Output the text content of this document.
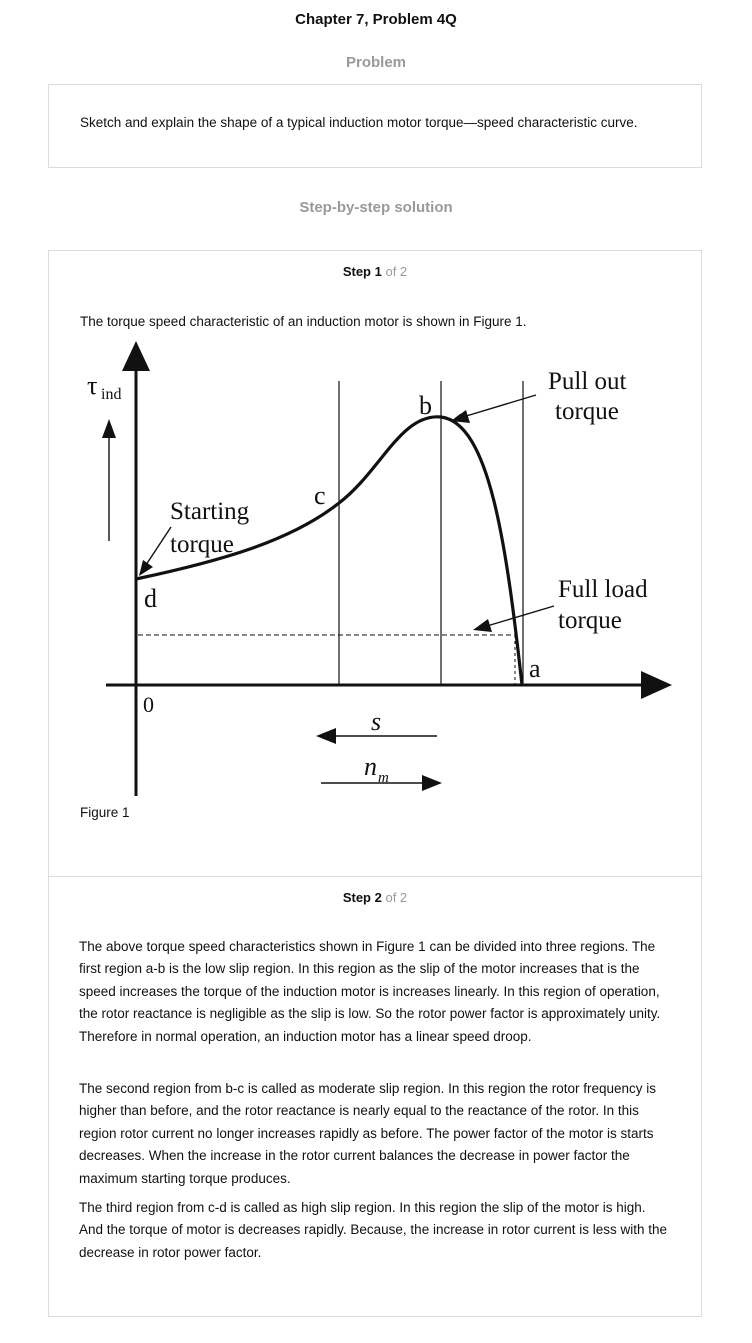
Chapter 7, Problem 4Q
Problem
Sketch and explain the shape of a typical induction motor torque—speed characteristic curve.
Step-by-step solution
Step 1 of 2

The torque speed characteristic of an induction motor is shown in Figure 1.

τ ind	b
c
d
a
0
Pull out
torque
Starting
torque
Full load
torque
s
n m

Figure 1

Step 2 of 2

The above torque speed characteristics shown in Figure 1 can be divided into three regions. The first region a-b is the low slip region. In this region as the slip of the motor increases that is the speed increases the torque of the induction motor is increases linearly. In this region of operation, the rotor reactance is negligible as the slip is low. So the rotor power factor is approximately unity. Therefore in normal operation, an induction motor has a linear speed droop.

The second region from b-c is called as moderate slip region. In this region the rotor frequency is higher than before, and the rotor reactance is nearly equal to the reactance of the rotor. In this region rotor current no longer increases rapidly as before. The power factor of the motor is starts decreases. When the increase in the rotor current balances the decrease in power factor the maximum starting torque produces.

The third region from c-d is called as high slip region. In this region the slip of the motor is high. And the torque of motor is decreases rapidly. Because, the increase in rotor current is less with the decrease in rotor power factor.
